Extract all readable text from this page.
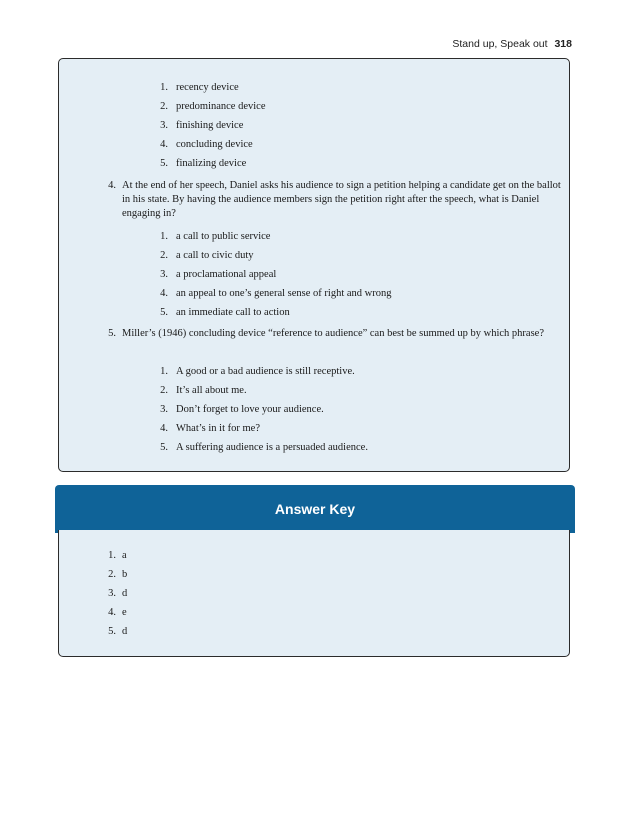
Stand up, Speak out 318
1. recency device
2. predominance device
3. finishing device
4. concluding device
5. finalizing device
4. At the end of her speech, Daniel asks his audience to sign a petition helping a candidate get on the ballot in his state. By having the audience members sign the petition right after the speech, what is Daniel engaging in?
1. a call to public service
2. a call to civic duty
3. a proclamational appeal
4. an appeal to one’s general sense of right and wrong
5. an immediate call to action
5. Miller’s (1946) concluding device “reference to audience” can best be summed up by which phrase?
1. A good or a bad audience is still receptive.
2. It’s all about me.
3. Don’t forget to love your audience.
4. What’s in it for me?
5. A suffering audience is a persuaded audience.
Answer Key
1. a
2. b
3. d
4. e
5. d
